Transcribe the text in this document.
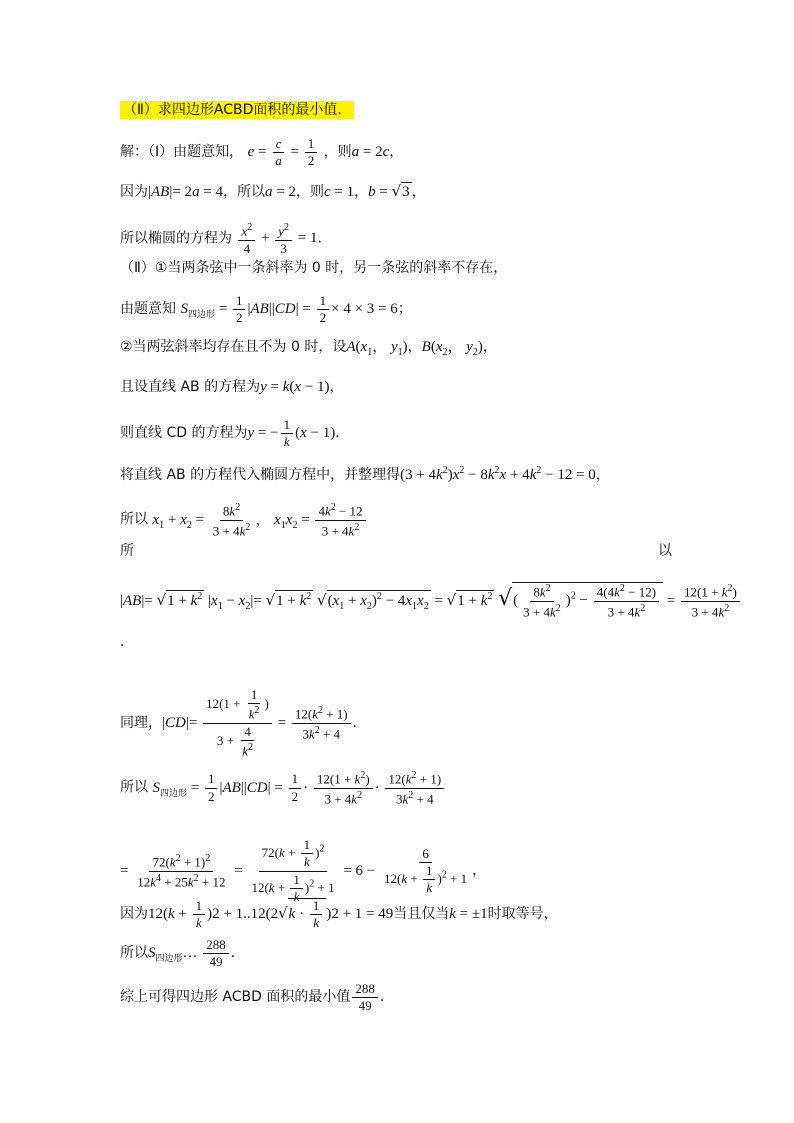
（Ⅱ）求四边形ACBD面积的最小值．
解：（Ⅰ）由题意知， $e = \frac{c}{a} = \frac{1}{2}$ ，则a = 2c，
因为|AB|= 2a = 4，所以a = 2，则c = 1，b = √3 ，
所以椭圆的方程为 $\frac{x^2}{4} + \frac{y^2}{3} = 1$．
（Ⅱ）①当两条弦中一条斜率为 0 时，另一条弦的斜率不存在，
由题意知 $S_{四边形} = \frac{1}{2} |AB||CD| = \frac{1}{2} \times 4 \times 3 = 6$；
②当两弦斜率均存在且不为 0 时，设$A(x_1$， $y_1$)，$B(x_2$， $y_2$)，
且设直线 AB 的方程为y = k(x − 1)，
则直线 CD 的方程为y = − $\frac{1}{k} (x - 1)$．
将直线 AB 的方程代入椭圆方程中，并整理得$(3 + 4k^2)x^2 - 8k^2x + 4k^2 - 12 = 0$，
所以 $x_1 + x_2 = \frac{8k^2}{3 + 4k^2}$ ， $x_1x_2 = \frac{4k^2 - 12}{3 + 4k^2}$
所	以
$|AB|= √1 + k^2$ $|x_1 - x_2|= √1 + k^2$ $√(x_1 + x_2)^2 - 4x_1x_2 = √1 + k^2$ √( $\frac{8k^2}{3 + 4k^2} )^2 - \frac{4(4k^2 - 12)}{3 + 4k^2} = \frac{12(1 + k^2)}{3 + 4k^2}$
．
同理，$|CD|= \frac{12(1 + \frac{1}{k^2} )}{3 + \frac{4}{k^2}} = \frac{12(k^2 + 1)}{3k^2 + 4}$ ．
所以 $S_{四边形} = \frac{1}{2} |AB||CD| = \frac{1}{2} \cdot \frac{12(1 + k^2)}{3 + 4k^2} \cdot \frac{12(k^2 + 1)}{3k^2 + 4}$
= $\frac{72(k^2 + 1)^2}{12k^4 + 25k^2 + 12} = \frac{72(k + \frac{1}{k} )^2}{12(k + \frac{1}{k} )^2 + 1} = 6 - \frac{6}{12(k + \frac{1}{k} )^2 + 1}$ ，
因为$12(k + \frac{1}{k} )2 + 1..12(2√k \cdot \frac{1}{k} )2 + 1 = 49$当且仅当k = ±1时取等号，
所以$S_{四边形}\dots \frac{288}{49}$ ．
综上可得四边形 ACBD 面积的最小值 $\frac{288}{49}$ ．
